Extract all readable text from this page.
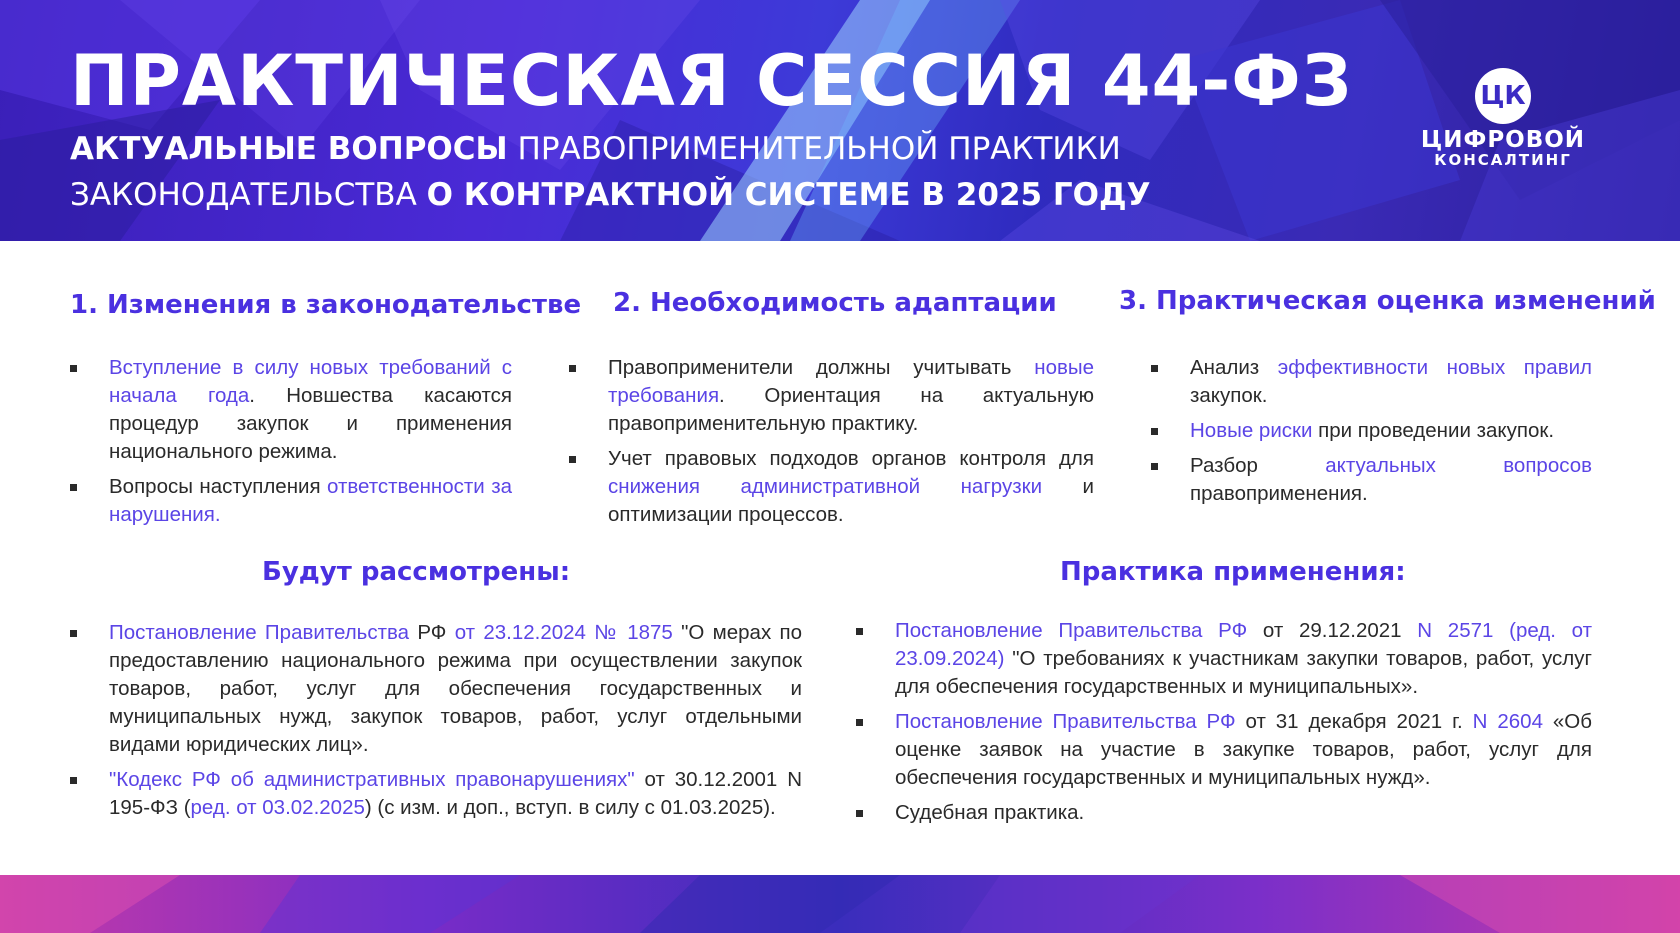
ПРАКТИЧЕСКАЯ СЕССИЯ 44-ФЗ
АКТУАЛЬНЫЕ ВОПРОСЫ ПРАВОПРИМЕНИТЕЛЬНОЙ ПРАКТИКИ
ЗАКОНОДАТЕЛЬСТВА О КОНТРАКТНОЙ СИСТЕМЕ В 2025 ГОДУ
ЦК
ЦИФРОВОЙ
КОНСАЛТИНГ
1. Изменения в законодательстве
Вступление в силу новых требований с начала года. Новшества касаются процедур закупок и применения национального режима.
Вопросы наступления ответственности за нарушения.
2. Необходимость адаптации
Правоприменители должны учитывать новые требования. Ориентация на актуальную правоприменительную практику.
Учет правовых подходов органов контроля для снижения административной нагрузки и оптимизации процессов.
3. Практическая оценка изменений
Анализ эффективности новых правил закупок.
Новые риски при проведении закупок.
Разбор актуальных вопросов правоприменения.
Будут рассмотрены:
Постановление Правительства РФ от 23.12.2024 № 1875 "О мерах по предоставлению национального режима при осуществлении закупок товаров, работ, услуг для обеспечения государственных и муниципальных нужд, закупок товаров, работ, услуг отдельными видами юридических лиц».
"Кодекс РФ об административных правонарушениях" от 30.12.2001 N 195-ФЗ (ред. от 03.02.2025) (с изм. и доп., вступ. в силу с 01.03.2025).
Практика применения:
Постановление Правительства РФ от 29.12.2021 N 2571 (ред. от 23.09.2024) "О требованиях к участникам закупки товаров, работ, услуг для обеспечения государственных и муниципальных».
Постановление Правительства РФ от 31 декабря 2021 г. N 2604 «Об оценке заявок на участие в закупке товаров, работ, услуг для обеспечения государственных и муниципальных нужд».
Судебная практика.
